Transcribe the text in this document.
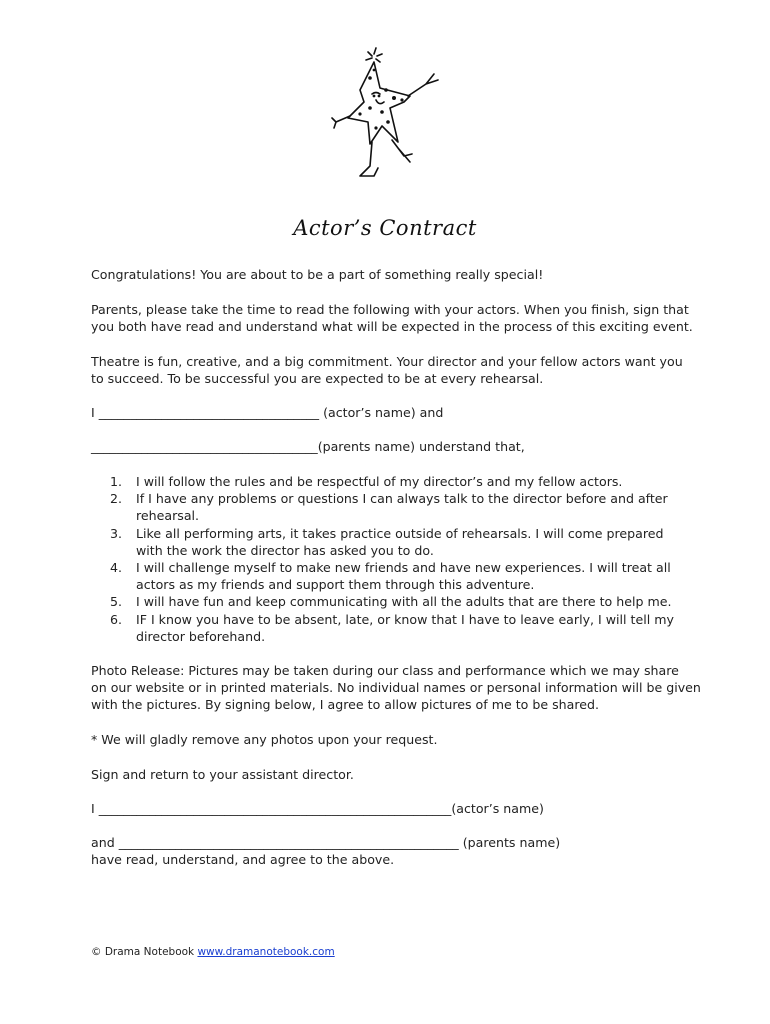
Actor’s Contract
Congratulations! You are about to be a part of something really special!
Parents, please take the time to read the following with your actors. When you finish, sign that
you both have read and understand what will be expected in the process of this exciting event.
Theatre is fun, creative, and a big commitment. Your director and your fellow actors want you
to succeed. To be successful you are expected to be at every rehearsal.
I ___________________________________ (actor’s name) and
____________________________________(parents name) understand that,
1.	I will follow the rules and be respectful of my director’s and my fellow actors.
2.	If I have any problems or questions I can always talk to the director before and after
rehearsal.
3.	Like all performing arts, it takes practice outside of rehearsals. I will come prepared
with the work the director has asked you to do.
4.	I will challenge myself to make new friends and have new experiences. I will treat all
actors as my friends and support them through this adventure.
5.	I will have fun and keep communicating with all the adults that are there to help me.
6.	IF I know you have to be absent, late, or know that I have to leave early, I will tell my
director beforehand.
Photo Release: Pictures may be taken during our class and performance which we may share
on our website or in printed materials. No individual names or personal information will be given
with the pictures. By signing below, I agree to allow pictures of me to be shared.
* We will gladly remove any photos upon your request.
Sign and return to your assistant director.
I ________________________________________________________(actor’s name)
and ______________________________________________________ (parents name)
have read, understand, and agree to the above.
© Drama Notebook www.dramanotebook.com
